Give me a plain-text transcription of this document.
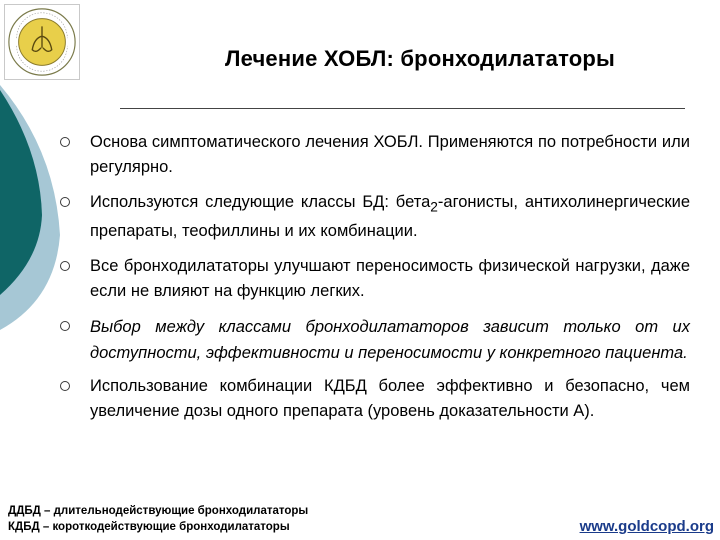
Лечение ХОБЛ: бронходилататоры
Основа симптоматического лечения ХОБЛ. Применяются по потребности или регулярно.
Используются следующие классы БД: бета$_2$-агонисты, антихолинергические препараты, теофиллины и их комбинации.
Все бронходилататоры улучшают переносимость физической нагрузки, даже если не влияют на функцию легких.
Выбор между классами бронходилататоров зависит только от их доступности, эффективности и переносимости у конкретного пациента.
Использование комбинации КДБД более эффективно и безопасно, чем увеличение дозы одного препарата (уровень доказательности А).
ДДБД – длительнодействующие бронходилататоры
КДБД – короткодействующие бронходилататоры	www.goldcopd.org
